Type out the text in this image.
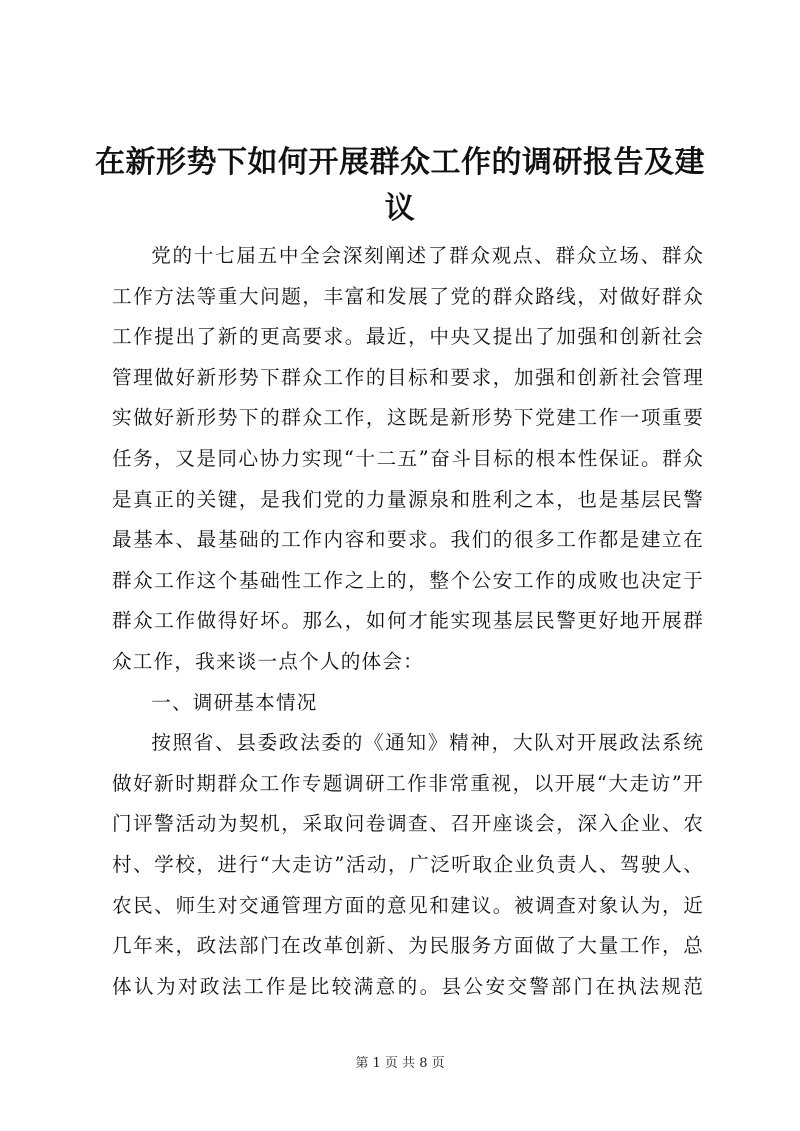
在新形势下如何开展群众工作的调研报告及建议

党的十七届五中全会深刻阐述了群众观点、群众立场、群众工作方法等重大问题，丰富和发展了党的群众路线，对做好群众工作提出了新的更高要求。最近，中央又提出了加强和创新社会管理做好新形势下群众工作的目标和要求，加强和创新社会管理实做好新形势下的群众工作，这既是新形势下党建工作一项重要任务，又是同心协力实现“十二五”奋斗目标的根本性保证。群众是真正的关键，是我们党的力量源泉和胜利之本，也是基层民警最基本、最基础的工作内容和要求。我们的很多工作都是建立在群众工作这个基础性工作之上的，整个公安工作的成败也决定于群众工作做得好坏。那么，如何才能实现基层民警更好地开展群众工作，我来谈一点个人的体会：

一、调研基本情况

按照省、县委政法委的《通知》精神，大队对开展政法系统做好新时期群众工作专题调研工作非常重视，以开展“大走访”开门评警活动为契机，采取问卷调查、召开座谈会，深入企业、农村、学校，进行“大走访”活动，广泛听取企业负责人、驾驶人、农民、师生对交通管理方面的意见和建议。被调查对象认为，近几年来，政法部门在改革创新、为民服务方面做了大量工作，总体认为对政法工作是比较满意的。县公安交警部门在执法规范

第 1 页 共 8 页
